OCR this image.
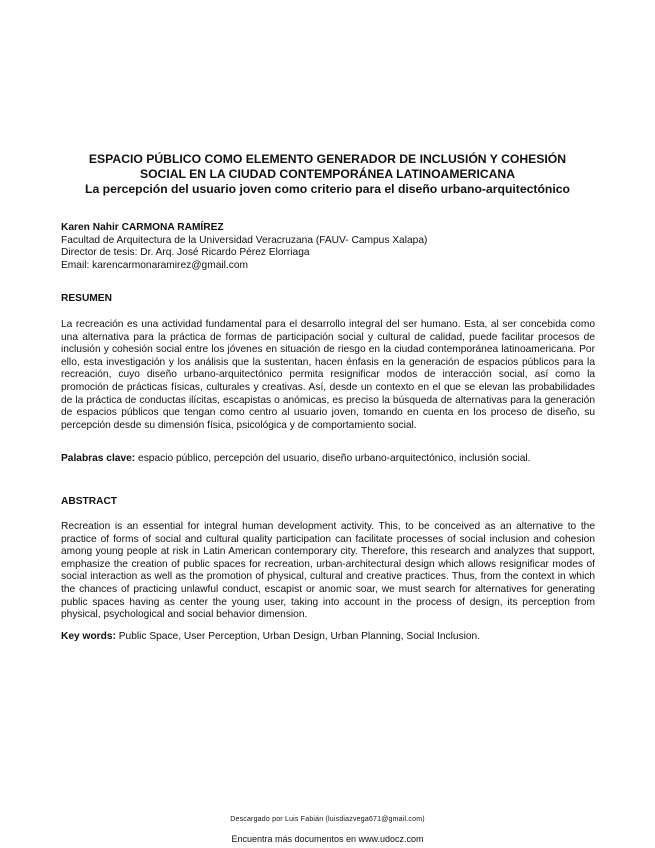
ESPACIO PÚBLICO COMO ELEMENTO GENERADOR DE INCLUSIÓN Y COHESIÓN

SOCIAL EN LA CIUDAD CONTEMPORÁNEA LATINOAMERICANA

La percepción del usuario joven como criterio para el diseño urbano-arquitectónico

Karen Nahir CARMONA RAMÍREZ
Facultad de Arquitectura de la Universidad Veracruzana (FAUV- Campus Xalapa)
Director de tesis: Dr. Arq. José Ricardo Pérez Elorriaga
Email: karencarmonaramirez@gmail.com
RESUMEN

La recreación es una actividad fundamental para el desarrollo integral del ser humano. Esta, al ser concebida como una alternativa para la práctica de formas de participación social y cultural de calidad, puede facilitar procesos de inclusión y cohesión social entre los jóvenes en situación de riesgo en la ciudad contemporánea latinoamericana. Por ello, esta investigación y los análisis que la sustentan, hacen énfasis en la generación de espacios públicos para la recreación, cuyo diseño urbano-arquitectónico permita resignificar modos de interacción social, así como la promoción de prácticas físicas, culturales y creativas. Así, desde un contexto en el que se elevan las probabilidades de la práctica de conductas ilícitas, escapistas o anómicas, es preciso la búsqueda de alternativas para la generación de espacios públicos que tengan como centro al usuario joven, tomando en cuenta en los proceso de diseño, su percepción desde su dimensión física, psicológica y de comportamiento social.

Palabras clave: espacio público, percepción del usuario, diseño urbano-arquitectónico, inclusión social.
ABSTRACT

Recreation is an essential for integral human development activity. This, to be conceived as an alternative to the practice of forms of social and cultural quality participation can facilitate processes of social inclusion and cohesion among young people at risk in Latin American contemporary city. Therefore, this research and analyzes that support, emphasize the creation of public spaces for recreation, urban-architectural design which allows resignificar modes of social interaction as well as the promotion of physical, cultural and creative practices. Thus, from the context in which the chances of practicing unlawful conduct, escapist or anomic soar, we must search for alternatives for generating public spaces having as center the young user, taking into account in the process of design, its perception from physical, psychological and social behavior dimension.

Key words: Public Space, User Perception, Urban Design, Urban Planning, Social Inclusion.
Descargado por Luis Fabián (luisdiazvega671@gmail.com)
Encuentra más documentos en www.udocz.com
